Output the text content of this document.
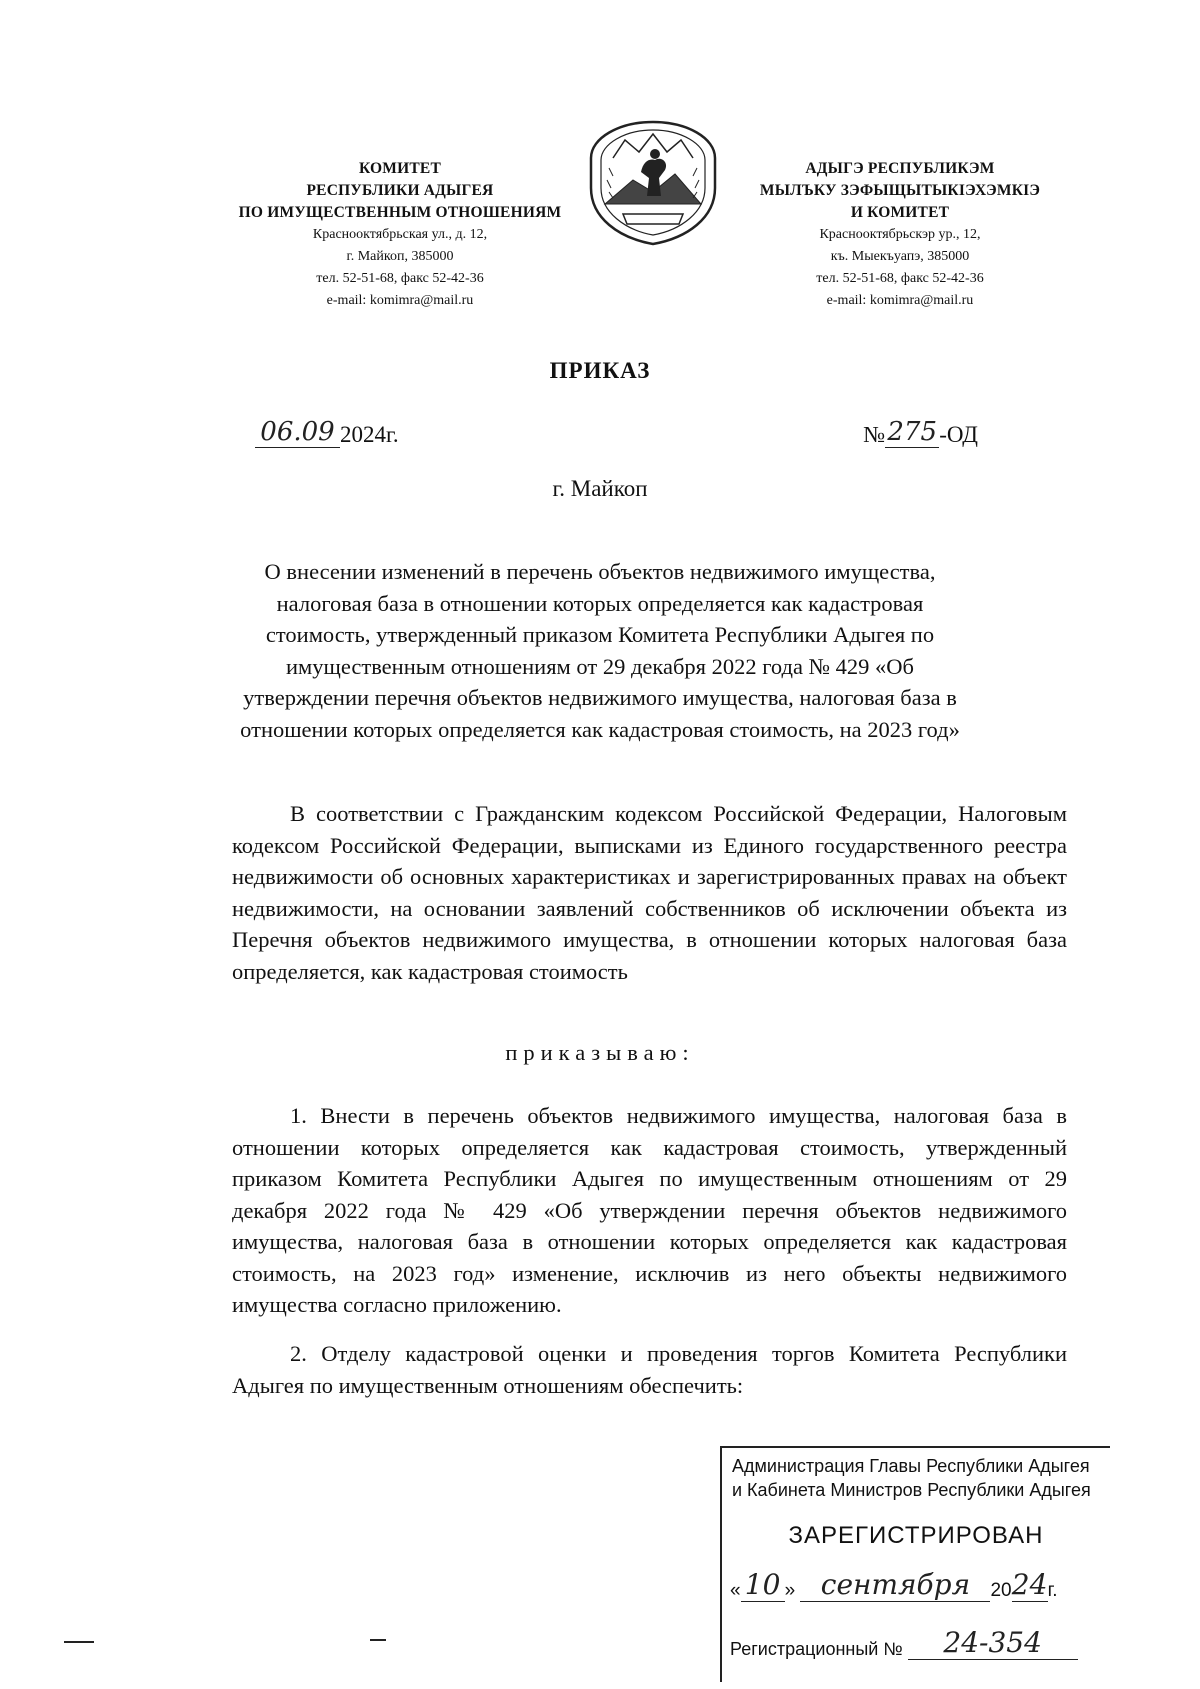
КОМИТЕТ
РЕСПУБЛИКИ АДЫГЕЯ
ПО ИМУЩЕСТВЕННЫМ ОТНОШЕНИЯМ
Краснооктябрьская ул., д. 12,
г. Майкоп, 385000
тел. 52-51-68, факс 52-42-36
e-mail: komimra@mail.ru
АДЫГЭ РЕСПУБЛИКЭМ
МЫЛЪКУ ЗЭФЫЩЫТЫКIЭХЭМКIЭ
И КОМИТЕТ
Краснооктябрьскэр ур., 12,
къ. Мыекъуапэ, 385000
тел. 52-51-68, факс 52-42-36
e-mail: komimra@mail.ru
ПРИКАЗ
06.09 2024г.	№275-ОД
г. Майкоп
О внесении изменений в перечень объектов недвижимого имущества, налоговая база в отношении которых определяется как кадастровая стоимость, утвержденный приказом Комитета Республики Адыгея по имущественным отношениям от 29 декабря 2022 года № 429 «Об утверждении перечня объектов недвижимого имущества, налоговая база в отношении которых определяется как кадастровая стоимость, на 2023 год»
В соответствии с Гражданским кодексом Российской Федерации, Налоговым кодексом Российской Федерации, выписками из Единого государственного реестра недвижимости об основных характеристиках и зарегистрированных правах на объект недвижимости, на основании заявлений собственников об исключении объекта из Перечня объектов недвижимого имущества, в отношении которых налоговая база определяется, как кадастровая стоимость
приказываю:
1. Внести в перечень объектов недвижимого имущества, налоговая база в отношении которых определяется как кадастровая стоимость, утвержденный приказом Комитета Республики Адыгея по имущественным отношениям от 29 декабря 2022 года № 429 «Об утверждении перечня объектов недвижимого имущества, налоговая база в отношении которых определяется как кадастровая стоимость, на 2023 год» изменение, исключив из него объекты недвижимого имущества согласно приложению.
2. Отделу кадастровой оценки и проведения торгов Комитета Республики Адыгея по имущественным отношениям обеспечить:
Администрация Главы Республики Адыгея
и Кабинета Министров Республики Адыгея
ЗАРЕГИСТРИРОВАН
« 10 » сентября 2024г.
Регистрационный № 24-354
